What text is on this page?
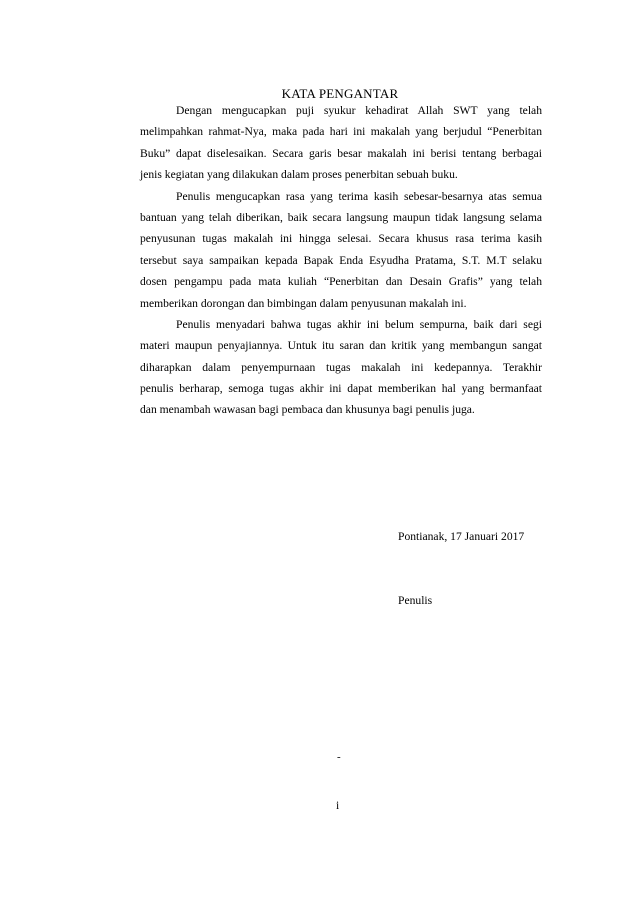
KATA PENGANTAR
Dengan mengucapkan puji syukur kehadirat Allah SWT yang telah
melimpahkan rahmat-Nya, maka pada hari ini makalah yang berjudul “Penerbitan
Buku” dapat diselesaikan. Secara garis besar makalah ini berisi tentang berbagai
jenis kegiatan yang dilakukan dalam proses penerbitan sebuah buku.
Penulis mengucapkan rasa yang terima kasih sebesar-besarnya atas semua
bantuan yang telah diberikan, baik secara langsung maupun tidak langsung selama
penyusunan tugas makalah ini hingga selesai. Secara khusus rasa terima kasih
tersebut saya sampaikan kepada Bapak Enda Esyudha Pratama, S.T. M.T selaku
dosen pengampu pada mata kuliah “Penerbitan dan Desain Grafis” yang telah
memberikan dorongan dan bimbingan dalam penyusunan makalah ini.
Penulis menyadari bahwa tugas akhir ini belum sempurna, baik dari segi
materi maupun penyajiannya. Untuk itu saran dan kritik yang membangun sangat
diharapkan dalam penyempurnaan tugas makalah ini kedepannya. Terakhir
penulis berharap, semoga tugas akhir ini dapat memberikan hal yang bermanfaat
dan menambah wawasan bagi pembaca dan khusunya bagi penulis juga.
Pontianak, 17 Januari 2017
Penulis
-
i
